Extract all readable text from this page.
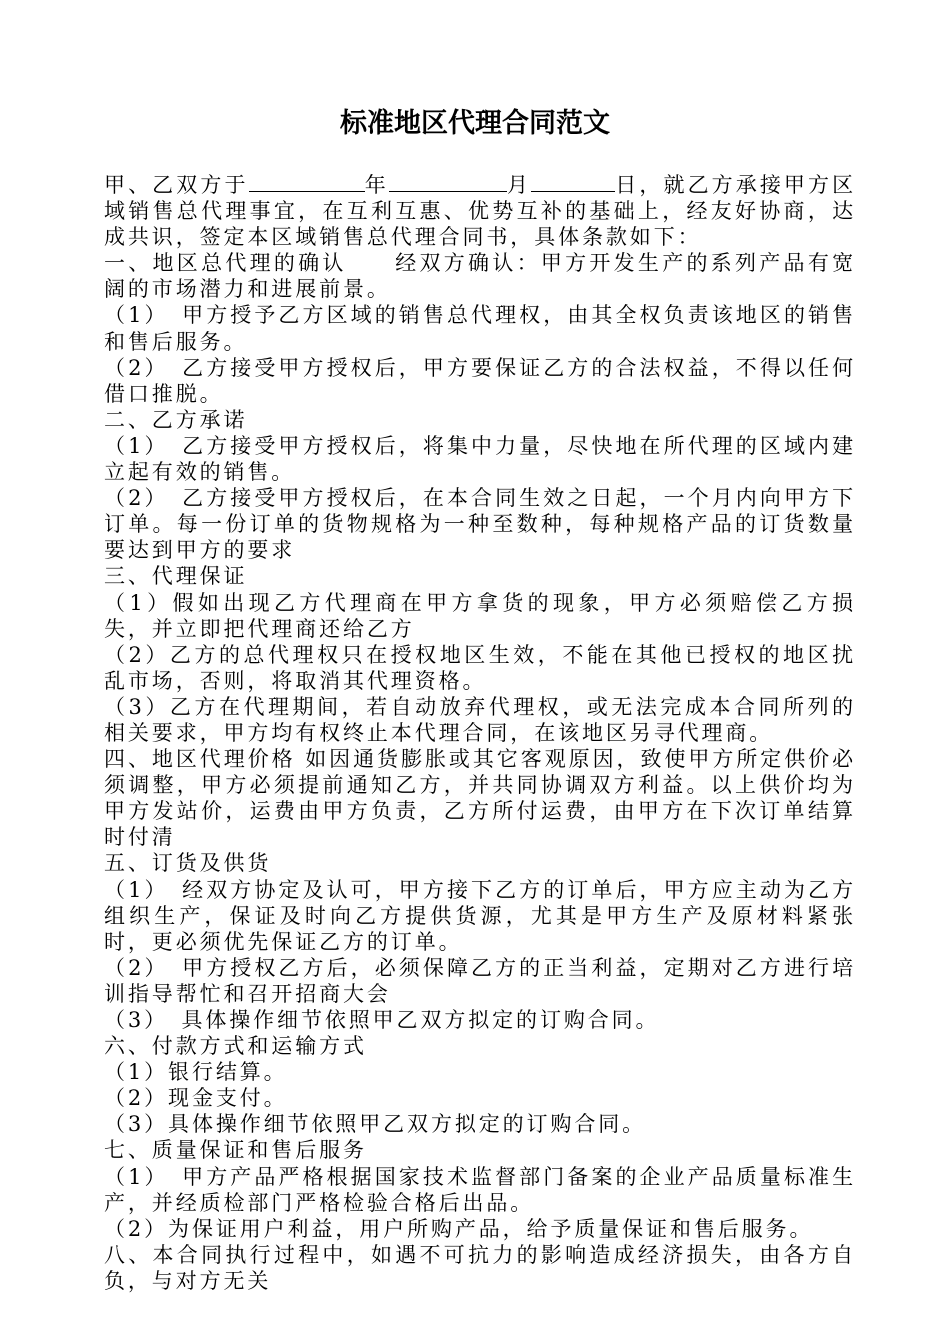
标准地区代理合同范文

甲、乙双方于	年	月	日，就乙方承接甲方区域销售总代理事宜，在互利互惠、优势互补的基础上，经友好协商，达成共识，签定本区域销售总代理合同书，具体条款如下：

一、地区总代理的确认　　经双方确认：甲方开发生产的系列产品有宽阔的市场潜力和进展前景。

（1）　甲方授予乙方区域的销售总代理权，由其全权负责该地区的销售和售后服务。

（2）　乙方接受甲方授权后，甲方要保证乙方的合法权益，不得以任何借口推脱。

二、乙方承诺

（1）　乙方接受甲方授权后，将集中力量，尽快地在所代理的区域内建立起有效的销售。

（2）　乙方接受甲方授权后，在本合同生效之日起，一个月内向甲方下订单。每一份订单的货物规格为一种至数种，每种规格产品的订货数量要达到甲方的要求

三、代理保证

（1）假如出现乙方代理商在甲方拿货的现象，甲方必须赔偿乙方损失，并立即把代理商还给乙方

（2）乙方的总代理权只在授权地区生效，不能在其他已授权的地区扰乱市场，否则，将取消其代理资格。

（3）乙方在代理期间，若自动放弃代理权，或无法完成本合同所列的相关要求，甲方均有权终止本代理合同，在该地区另寻代理商。

四、地区代理价格 如因通货膨胀或其它客观原因，致使甲方所定供价必须调整，甲方必须提前通知乙方，并共同协调双方利益。以上供价均为甲方发站价，运费由甲方负责，乙方所付运费，由甲方在下次订单结算时付清

五、订货及供货

（1）　经双方协定及认可，甲方接下乙方的订单后，甲方应主动为乙方组织生产，保证及时向乙方提供货源，尤其是甲方生产及原材料紧张时，更必须优先保证乙方的订单。

（2）　甲方授权乙方后，必须保障乙方的正当利益，定期对乙方进行培训指导帮忙和召开招商大会

（3）　具体操作细节依照甲乙双方拟定的订购合同。

六、付款方式和运输方式

（1）银行结算。

（2）现金支付。

（3）具体操作细节依照甲乙双方拟定的订购合同。

七、质量保证和售后服务

（1）　甲方产品严格根据国家技术监督部门备案的企业产品质量标准生产，并经质检部门严格检验合格后出品。

（2）为保证用户利益，用户所购产品，给予质量保证和售后服务。

八、本合同执行过程中，如遇不可抗力的影响造成经济损失，由各方自负，与对方无关
